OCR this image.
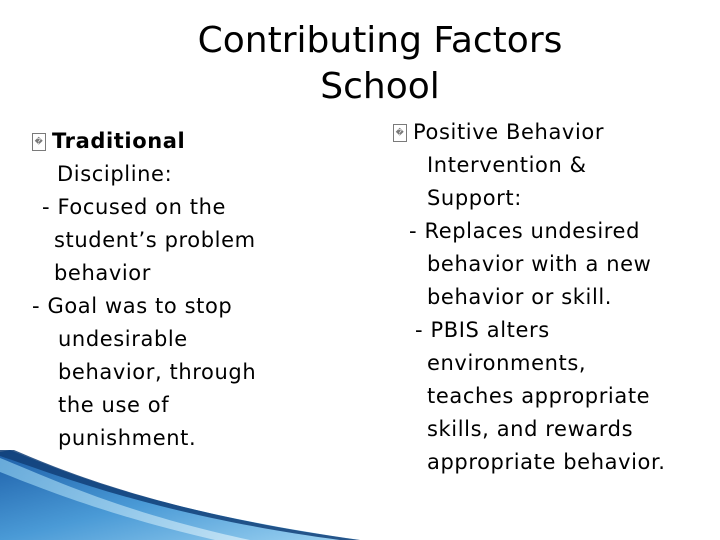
Contributing Factors
School
� Traditional
Discipline:
- Focused on the
student’s problem
behavior
- Goal was to stop
undesirable
behavior, through
the use of
punishment.
� Positive Behavior
Intervention &
Support:
- Replaces undesired
behavior with a new
behavior or skill.
- PBIS alters
environments,
teaches appropriate
skills, and rewards
appropriate behavior.
